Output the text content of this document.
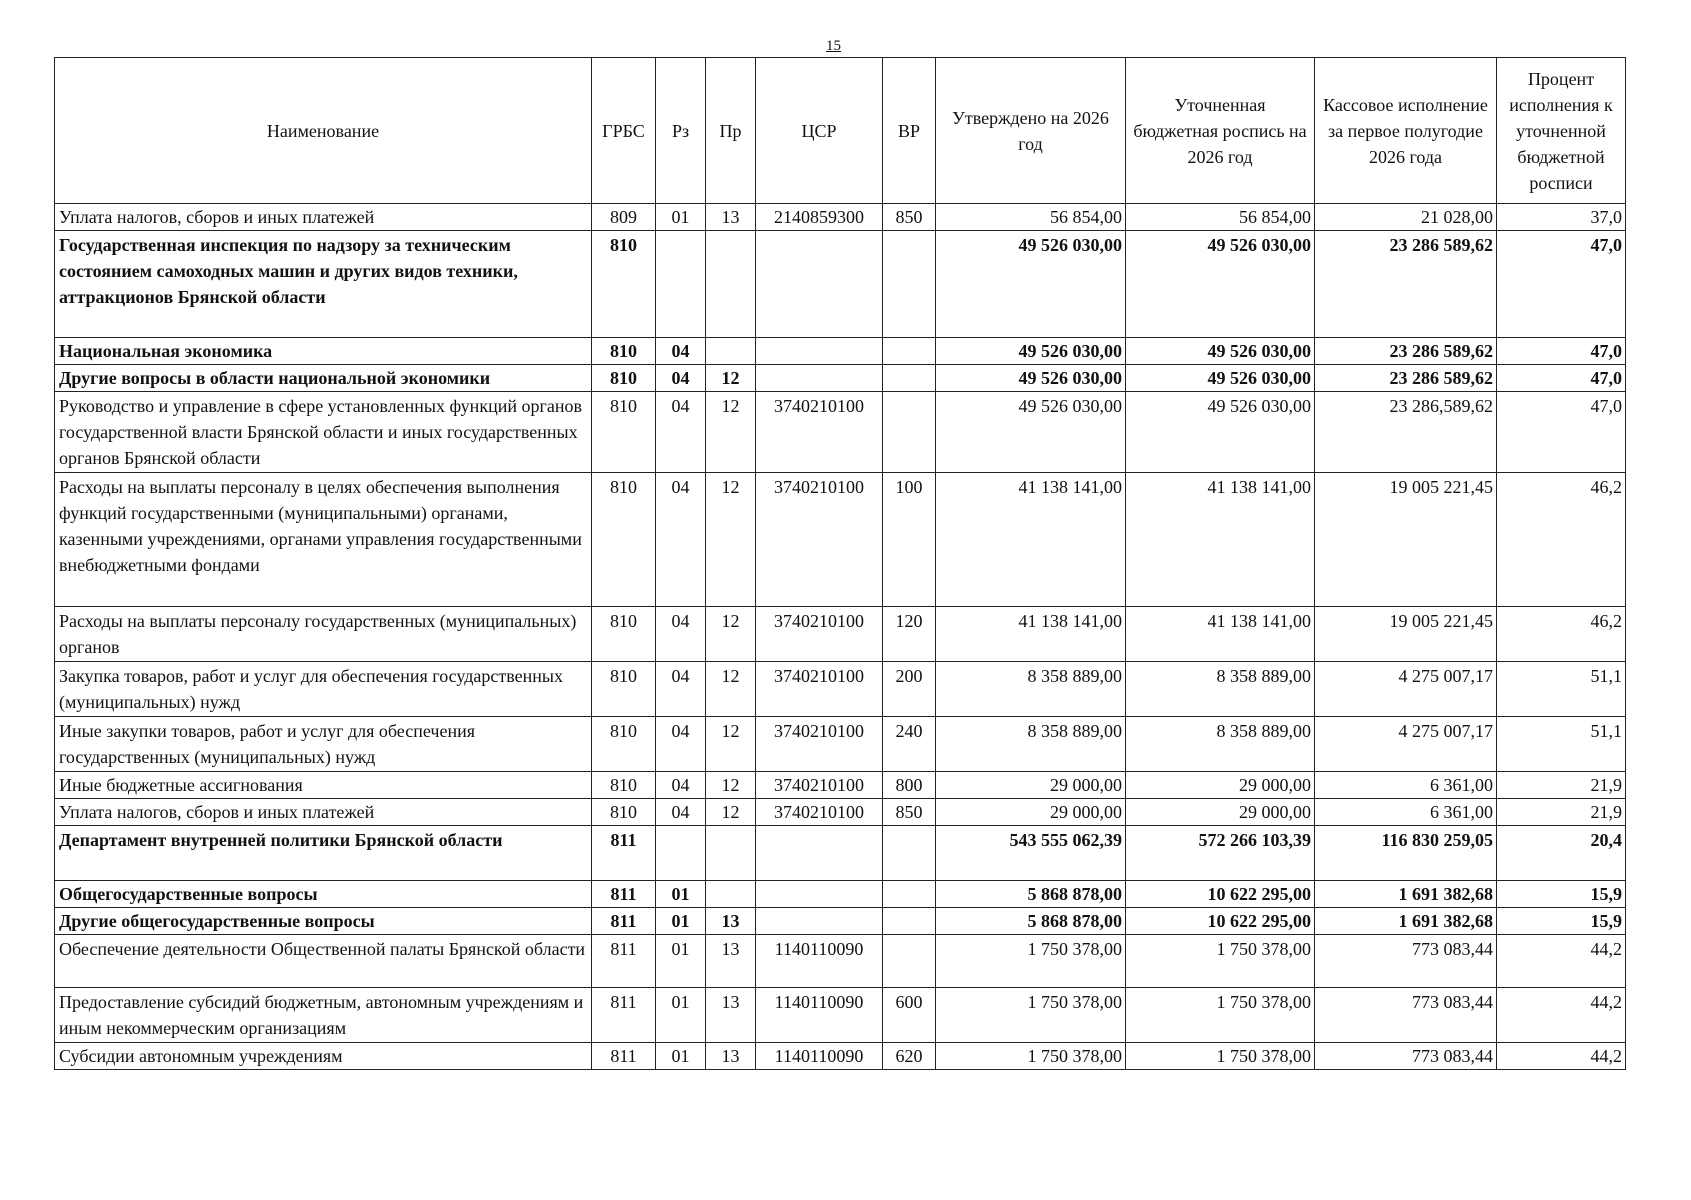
15
Наименование	ГРБС	Рз	Пр	ЦСР	ВР	Утверждено на 2026 год	Уточненная бюджетная роспись на 2026 год	Кассовое исполнение за первое полугодие 2026 года	Процент исполнения к уточненной бюджетной росписи
Уплата налогов, сборов и иных платежей	809	01	13	2140859300	850	56 854,00	56 854,00	21 028,00	37,0
Государственная инспекция по надзору за техническим состоянием самоходных машин и других видов техники, аттракционов Брянской области	810					49 526 030,00	49 526 030,00	23 286 589,62	47,0
Национальная экономика	810	04				49 526 030,00	49 526 030,00	23 286 589,62	47,0
Другие вопросы в области национальной экономики	810	04	12			49 526 030,00	49 526 030,00	23 286 589,62	47,0
Руководство и управление в сфере установленных функций органов государственной власти Брянской области и иных государственных органов Брянской области	810	04	12	3740210100		49 526 030,00	49 526 030,00	23 286,589,62	47,0
Расходы на выплаты персоналу в целях обеспечения выполнения функций государственными (муниципальными) органами, казенными учреждениями, органами управления государственными внебюджетными фондами	810	04	12	3740210100	100	41 138 141,00	41 138 141,00	19 005 221,45	46,2
Расходы на выплаты персоналу государственных (муниципальных) органов	810	04	12	3740210100	120	41 138 141,00	41 138 141,00	19 005 221,45	46,2
Закупка товаров, работ и услуг для обеспечения государственных (муниципальных) нужд	810	04	12	3740210100	200	8 358 889,00	8 358 889,00	4 275 007,17	51,1
Иные закупки товаров, работ и услуг для обеспечения государственных (муниципальных) нужд	810	04	12	3740210100	240	8 358 889,00	8 358 889,00	4 275 007,17	51,1
Иные бюджетные ассигнования	810	04	12	3740210100	800	29 000,00	29 000,00	6 361,00	21,9
Уплата налогов, сборов и иных платежей	810	04	12	3740210100	850	29 000,00	29 000,00	6 361,00	21,9
Департамент внутренней политики Брянской области	811					543 555 062,39	572 266 103,39	116 830 259,05	20,4
Общегосударственные вопросы	811	01				5 868 878,00	10 622 295,00	1 691 382,68	15,9
Другие общегосударственные вопросы	811	01	13			5 868 878,00	10 622 295,00	1 691 382,68	15,9
Обеспечение деятельности Общественной палаты Брянской области	811	01	13	1140110090		1 750 378,00	1 750 378,00	773 083,44	44,2
Предоставление субсидий бюджетным, автономным учреждениям и иным некоммерческим организациям	811	01	13	1140110090	600	1 750 378,00	1 750 378,00	773 083,44	44,2
Субсидии автономным учреждениям	811	01	13	1140110090	620	1 750 378,00	1 750 378,00	773 083,44	44,2
